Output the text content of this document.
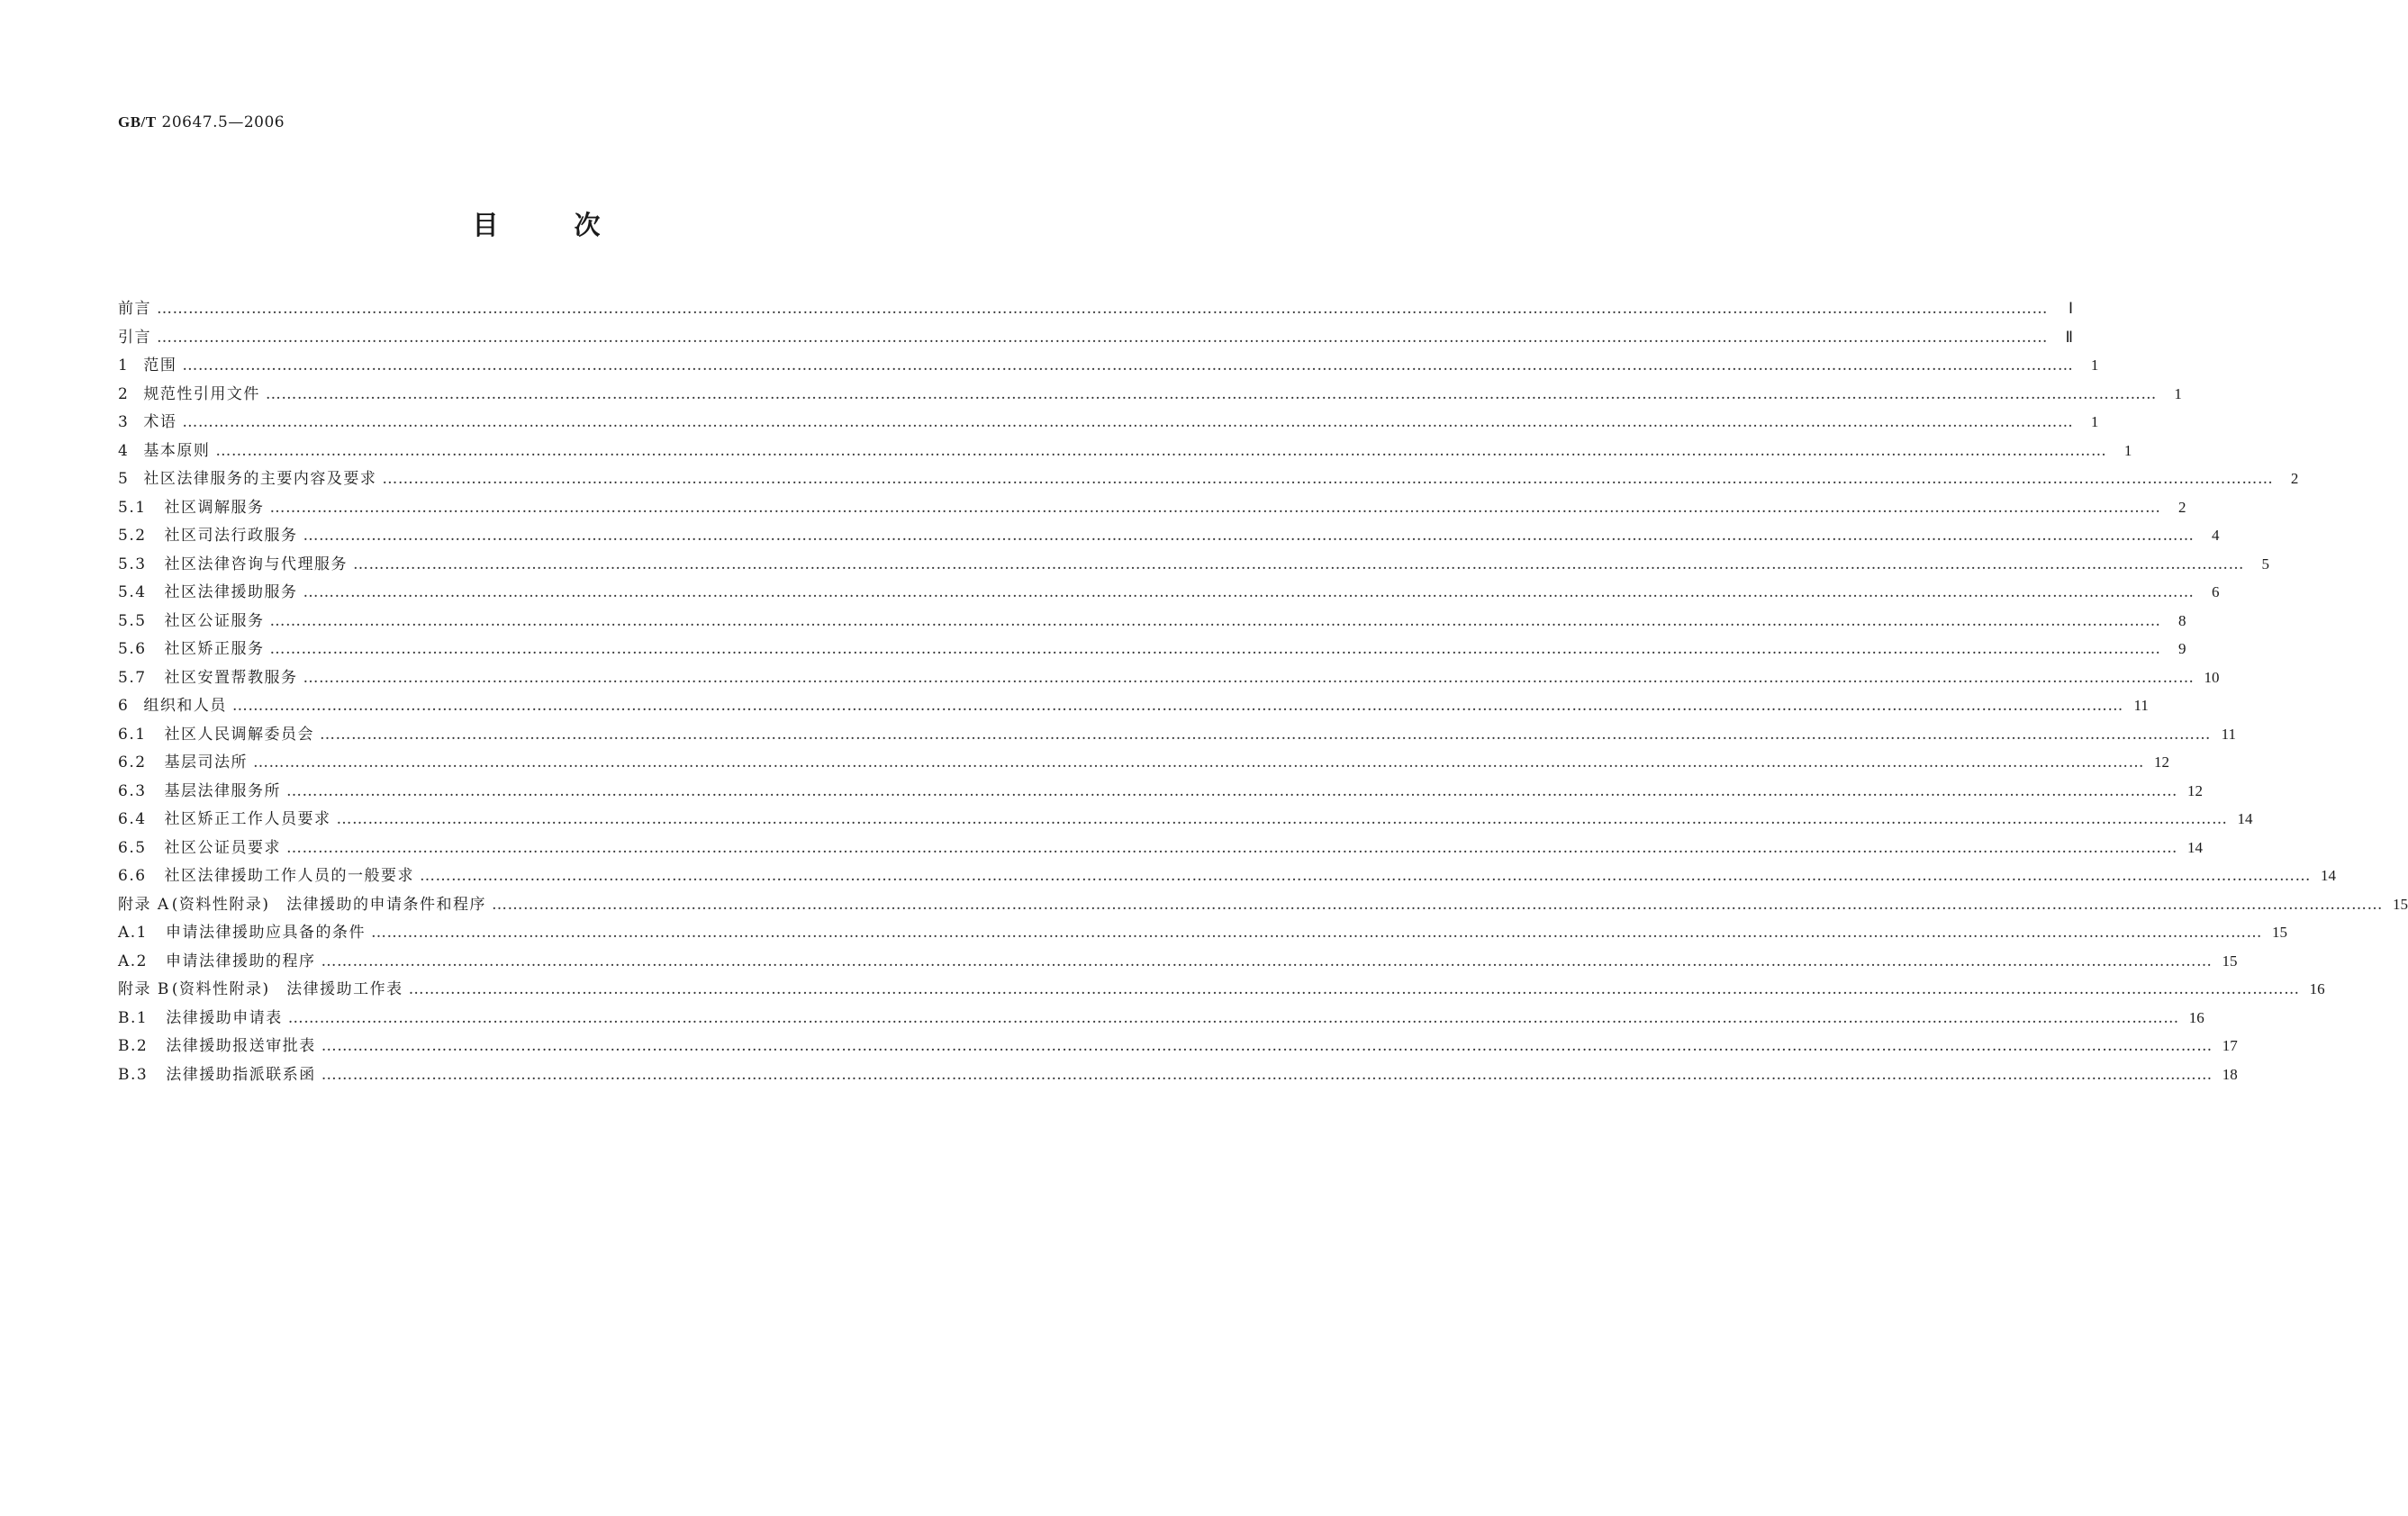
GB/T 20647.5—2006
目	次
前言 ………………………………………………………………………………………………………………………………………………………………………………………………………………………………………………………………………………………………………………………………	Ⅰ
引言 ………………………………………………………………………………………………………………………………………………………………………………………………………………………………………………………………………………………………………………………………	Ⅱ
1 范围 ………………………………………………………………………………………………………………………………………………………………………………………………………………………………………………………………………………………………………………………………	1
2 规范性引用文件 ………………………………………………………………………………………………………………………………………………………………………………………………………………………………………………………………………………………………………………………………	1
3 术语 ………………………………………………………………………………………………………………………………………………………………………………………………………………………………………………………………………………………………………………………………	1
4 基本原则 ………………………………………………………………………………………………………………………………………………………………………………………………………………………………………………………………………………………………………………………………	1
5 社区法律服务的主要内容及要求 ………………………………………………………………………………………………………………………………………………………………………………………………………………………………………………………………………………………………………………………………	2
5.1 社区调解服务 ………………………………………………………………………………………………………………………………………………………………………………………………………………………………………………………………………………………………………………………………	2
5.2 社区司法行政服务 ………………………………………………………………………………………………………………………………………………………………………………………………………………………………………………………………………………………………………………………………	4
5.3 社区法律咨询与代理服务 ………………………………………………………………………………………………………………………………………………………………………………………………………………………………………………………………………………………………………………………………	5
5.4 社区法律援助服务 ………………………………………………………………………………………………………………………………………………………………………………………………………………………………………………………………………………………………………………………………	6
5.5 社区公证服务 ………………………………………………………………………………………………………………………………………………………………………………………………………………………………………………………………………………………………………………………………	8
5.6 社区矫正服务 ………………………………………………………………………………………………………………………………………………………………………………………………………………………………………………………………………………………………………………………………	9
5.7 社区安置帮教服务 ……………………………………………………………………………………………………………………………………………………………………………………………………………………………………………………………………………………………………………………………… 10
6 组织和人员 ……………………………………………………………………………………………………………………………………………………………………………………………………………………………………………………………………………………………………………………………… 11
6.1 社区人民调解委员会 ……………………………………………………………………………………………………………………………………………………………………………………………………………………………………………………………………………………………………………………………… 11
6.2 基层司法所 ……………………………………………………………………………………………………………………………………………………………………………………………………………………………………………………………………………………………………………………………… 12
6.3 基层法律服务所 ……………………………………………………………………………………………………………………………………………………………………………………………………………………………………………………………………………………………………………………………… 12
6.4 社区矫正工作人员要求 ……………………………………………………………………………………………………………………………………………………………………………………………………………………………………………………………………………………………………………………………… 14
6.5 社区公证员要求 ……………………………………………………………………………………………………………………………………………………………………………………………………………………………………………………………………………………………………………………………… 14
6.6 社区法律援助工作人员的一般要求 ……………………………………………………………………………………………………………………………………………………………………………………………………………………………………………………………………………………………………………………………… 14
附录 A (资料性附录)　法律援助的申请条件和程序 ……………………………………………………………………………………………………………………………………………………………………………………………………………………………………………………………………………………………………………………………… 15
A.1 申请法律援助应具备的条件 ……………………………………………………………………………………………………………………………………………………………………………………………………………………………………………………………………………………………………………………………… 15
A.2 申请法律援助的程序 ……………………………………………………………………………………………………………………………………………………………………………………………………………………………………………………………………………………………………………………………… 15
附录 B (资料性附录)　法律援助工作表 ……………………………………………………………………………………………………………………………………………………………………………………………………………………………………………………………………………………………………………………………… 16
B.1 法律援助申请表 ……………………………………………………………………………………………………………………………………………………………………………………………………………………………………………………………………………………………………………………………… 16
B.2 法律援助报送审批表 ……………………………………………………………………………………………………………………………………………………………………………………………………………………………………………………………………………………………………………………………… 17
B.3 法律援助指派联系函 ……………………………………………………………………………………………………………………………………………………………………………………………………………………………………………………………………………………………………………………………… 18
